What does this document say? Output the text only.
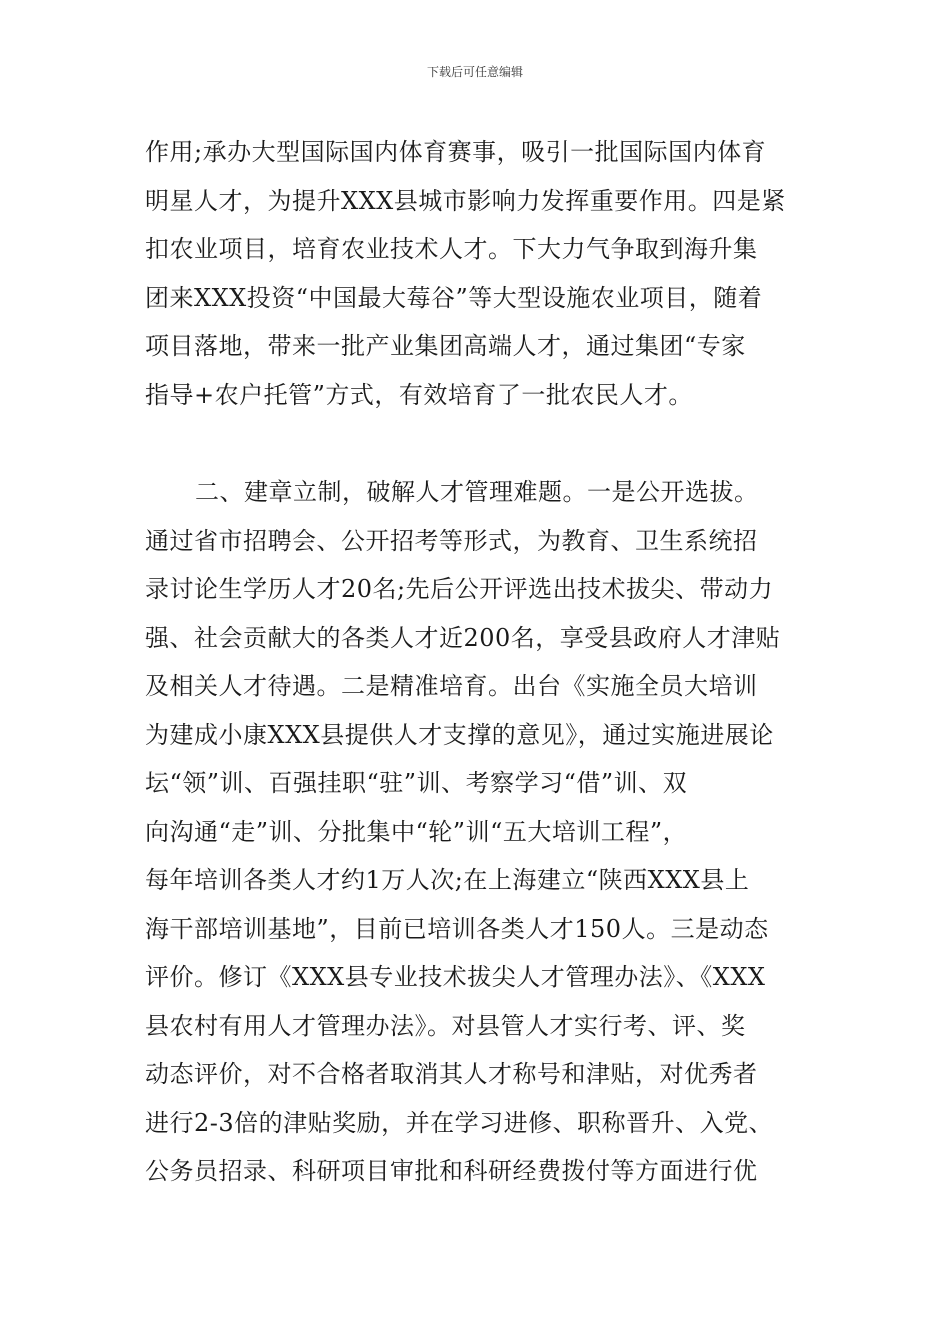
下载后可任意编辑
作用;承办大型国际国内体育赛事，吸引一批国际国内体育
明星人才，为提升XXX县城市影响力发挥重要作用。四是紧
扣农业项目，培育农业技术人才。下大力气争取到海升集
团来XXX投资“中国最大莓谷”等大型设施农业项目，随着
项目落地，带来一批产业集团高端人才，通过集团“专家
指导+农户托管”方式，有效培育了一批农民人才。
二、建章立制，破解人才管理难题。一是公开选拔。
通过省市招聘会、公开招考等形式，为教育、卫生系统招
录讨论生学历人才20名;先后公开评选出技术拔尖、带动力
强、社会贡献大的各类人才近200名，享受县政府人才津贴
及相关人才待遇。二是精准培育。出台《实施全员大培训
为建成小康XXX县提供人才支撑的意见》，通过实施进展论
坛“领”训、百强挂职“驻”训、考察学习“借”训、双
向沟通“走”训、分批集中“轮”训“五大培训工程”，
每年培训各类人才约1万人次;在上海建立“陕西XXX县上
海干部培训基地”，目前已培训各类人才150人。三是动态
评价。修订《XXX县专业技术拔尖人才管理办法》、《XXX
县农村有用人才管理办法》。对县管人才实行考、评、奖
动态评价，对不合格者取消其人才称号和津贴，对优秀者
进行2-3倍的津贴奖励，并在学习进修、职称晋升、入党、
公务员招录、科研项目审批和科研经费拨付等方面进行优
